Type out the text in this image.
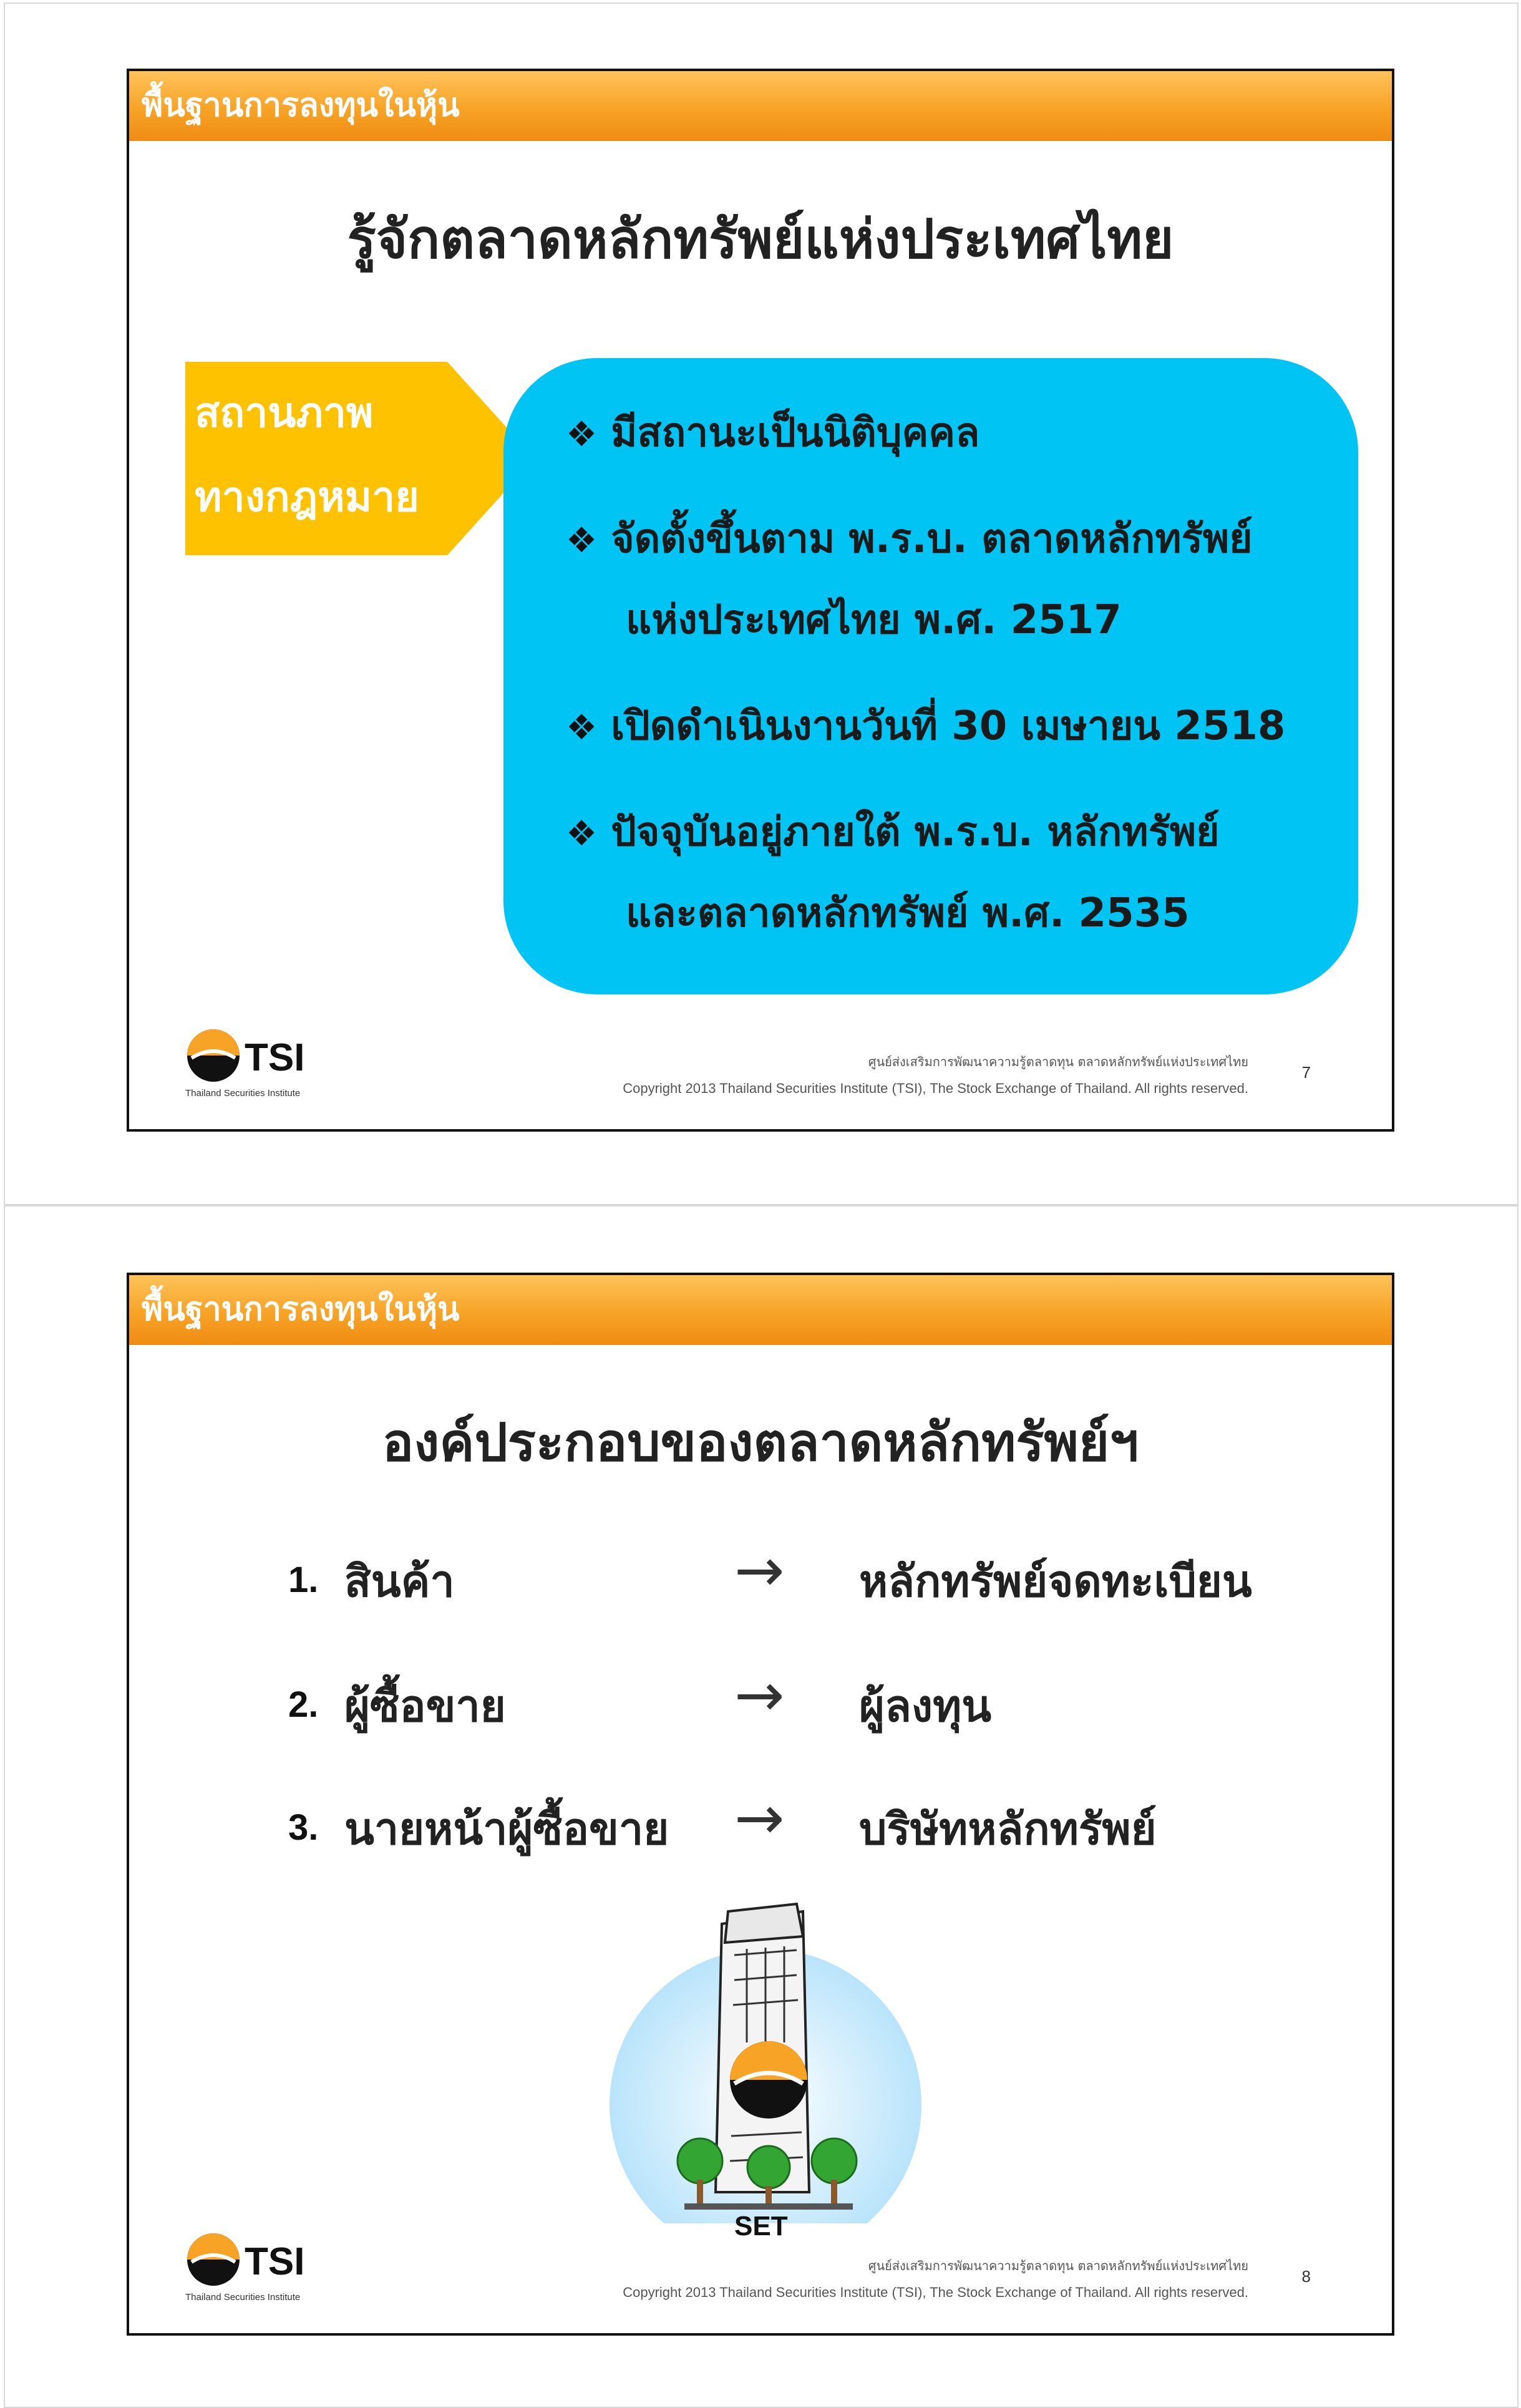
พื้นฐานการลงทุนในหุ้น
รู้จักตลาดหลักทรัพย์แห่งประเทศไทย
สถานภาพ
ทางกฎหมาย
❖ มีสถานะเป็นนิติบุคคล
❖ จัดตั้งขึ้นตาม พ.ร.บ. ตลาดหลักทรัพย์
แห่งประเทศไทย พ.ศ. 2517
❖ เปิดดำเนินงานวันที่ 30 เมษายน 2518
❖ ปัจจุบันอยู่ภายใต้ พ.ร.บ. หลักทรัพย์
และตลาดหลักทรัพย์ พ.ศ. 2535
TSI
Thailand Securities Institute
ศูนย์ส่งเสริมการพัฒนาความรู้ตลาดทุน ตลาดหลักทรัพย์แห่งประเทศไทย
Copyright 2013 Thailand Securities Institute (TSI), The Stock Exchange of Thailand. All rights reserved.
7
พื้นฐานการลงทุนในหุ้น
องค์ประกอบของตลาดหลักทรัพย์ฯ
1. สินค้า	→ หลักทรัพย์จดทะเบียน
2. ผู้ซื้อขาย	→ ผู้ลงทุน
3. นายหน้าผู้ซื้อขาย → บริษัทหลักทรัพย์
SET
TSI
Thailand Securities Institute
ศูนย์ส่งเสริมการพัฒนาความรู้ตลาดทุน ตลาดหลักทรัพย์แห่งประเทศไทย
Copyright 2013 Thailand Securities Institute (TSI), The Stock Exchange of Thailand. All rights reserved.
8
